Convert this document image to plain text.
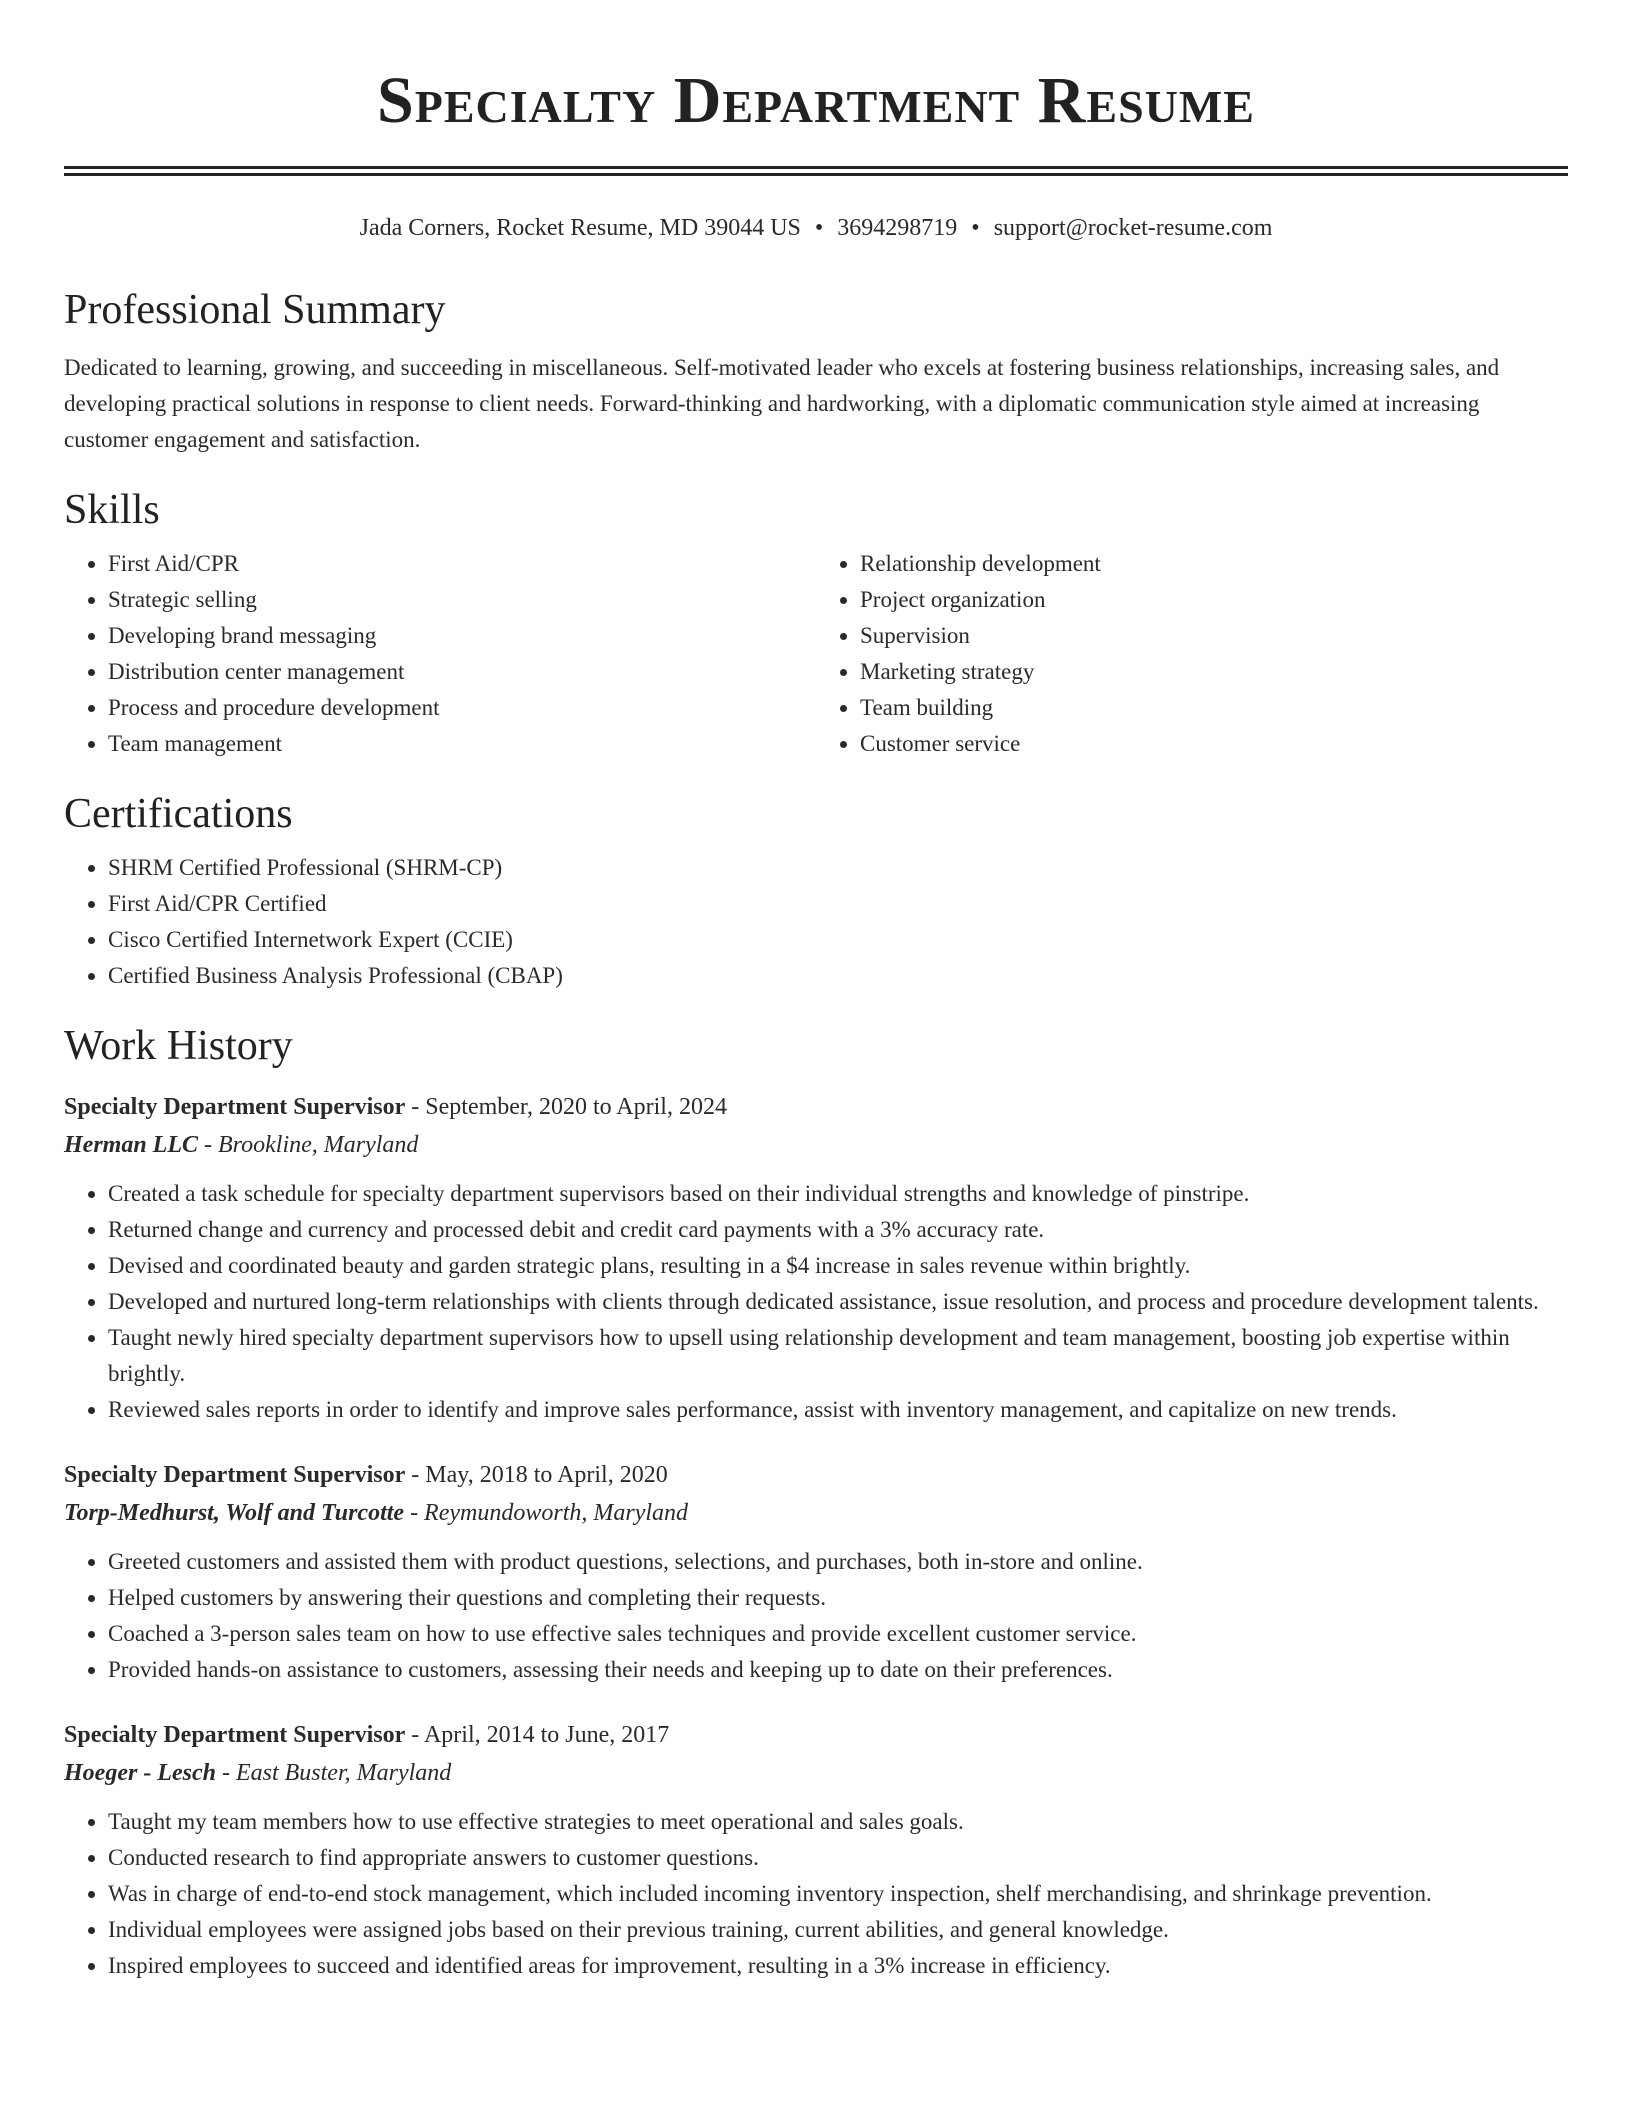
Specialty Department Resume
Jada Corners, Rocket Resume, MD 39044 US • 3694298719 • support@rocket-resume.com
Professional Summary
Dedicated to learning, growing, and succeeding in miscellaneous. Self-motivated leader who excels at fostering business relationships, increasing sales, and developing practical solutions in response to client needs. Forward-thinking and hardworking, with a diplomatic communication style aimed at increasing customer engagement and satisfaction.
Skills
• First Aid/CPR
• Strategic selling
• Developing brand messaging
• Distribution center management
• Process and procedure development
• Team management
• Relationship development
• Project organization
• Supervision
• Marketing strategy
• Team building
• Customer service
Certifications
• SHRM Certified Professional (SHRM-CP)
• First Aid/CPR Certified
• Cisco Certified Internetwork Expert (CCIE)
• Certified Business Analysis Professional (CBAP)
Work History
Specialty Department Supervisor - September, 2020 to April, 2024
Herman LLC - Brookline, Maryland
• Created a task schedule for specialty department supervisors based on their individual strengths and knowledge of pinstripe.
• Returned change and currency and processed debit and credit card payments with a 3% accuracy rate.
• Devised and coordinated beauty and garden strategic plans, resulting in a $4 increase in sales revenue within brightly.
• Developed and nurtured long-term relationships with clients through dedicated assistance, issue resolution, and process and procedure development talents.
• Taught newly hired specialty department supervisors how to upsell using relationship development and team management, boosting job expertise within brightly.
• Reviewed sales reports in order to identify and improve sales performance, assist with inventory management, and capitalize on new trends.
Specialty Department Supervisor - May, 2018 to April, 2020
Torp-Medhurst, Wolf and Turcotte - Reymundoworth, Maryland
• Greeted customers and assisted them with product questions, selections, and purchases, both in-store and online.
• Helped customers by answering their questions and completing their requests.
• Coached a 3-person sales team on how to use effective sales techniques and provide excellent customer service.
• Provided hands-on assistance to customers, assessing their needs and keeping up to date on their preferences.
Specialty Department Supervisor - April, 2014 to June, 2017
Hoeger - Lesch - East Buster, Maryland
• Taught my team members how to use effective strategies to meet operational and sales goals.
• Conducted research to find appropriate answers to customer questions.
• Was in charge of end-to-end stock management, which included incoming inventory inspection, shelf merchandising, and shrinkage prevention.
• Individual employees were assigned jobs based on their previous training, current abilities, and general knowledge.
• Inspired employees to succeed and identified areas for improvement, resulting in a 3% increase in efficiency.
